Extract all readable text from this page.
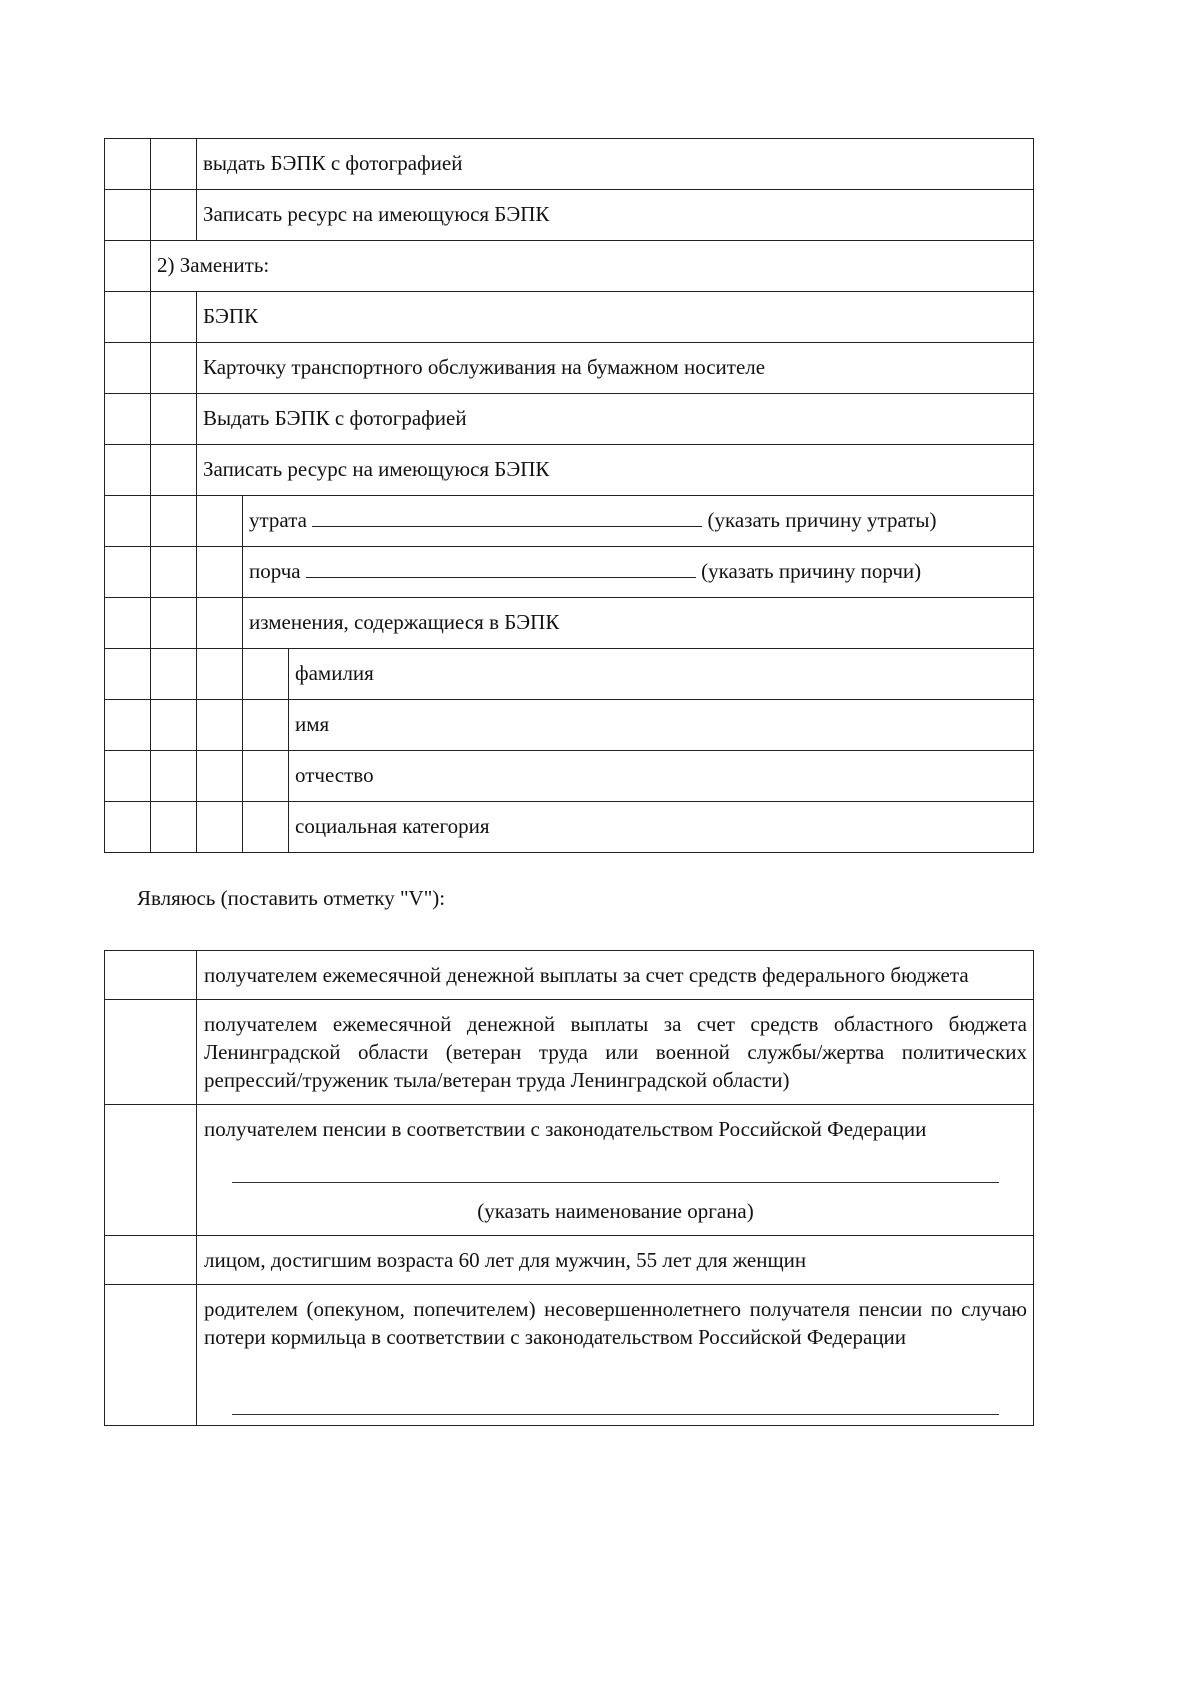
выдать БЭПК с фотографией
Записать ресурс на имеющуюся БЭПК
2) Заменить:
БЭПК
Карточку транспортного обслуживания на бумажном носителе
Выдать БЭПК с фотографией
Записать ресурс на имеющуюся БЭПК
утрата	(указать причину утраты)
порча	(указать причину порчи)
изменения, содержащиеся в БЭПК
фамилия
имя
отчество
социальная категория
Являюсь (поставить отметку "V"):
получателем ежемесячной денежной выплаты за счет средств федерального бюджета
получателем ежемесячной денежной выплаты за счет средств областного бюджета Ленинградской области (ветеран труда или военной службы/жертва политических репрессий/труженик тыла/ветеран труда Ленинградской области)
получателем пенсии в соответствии с законодательством Российской Федерации
(указать наименование органа)
лицом, достигшим возраста 60 лет для мужчин, 55 лет для женщин
родителем (опекуном, попечителем) несовершеннолетнего получателя пенсии по случаю потери кормильца в соответствии с законодательством Российской Федерации
